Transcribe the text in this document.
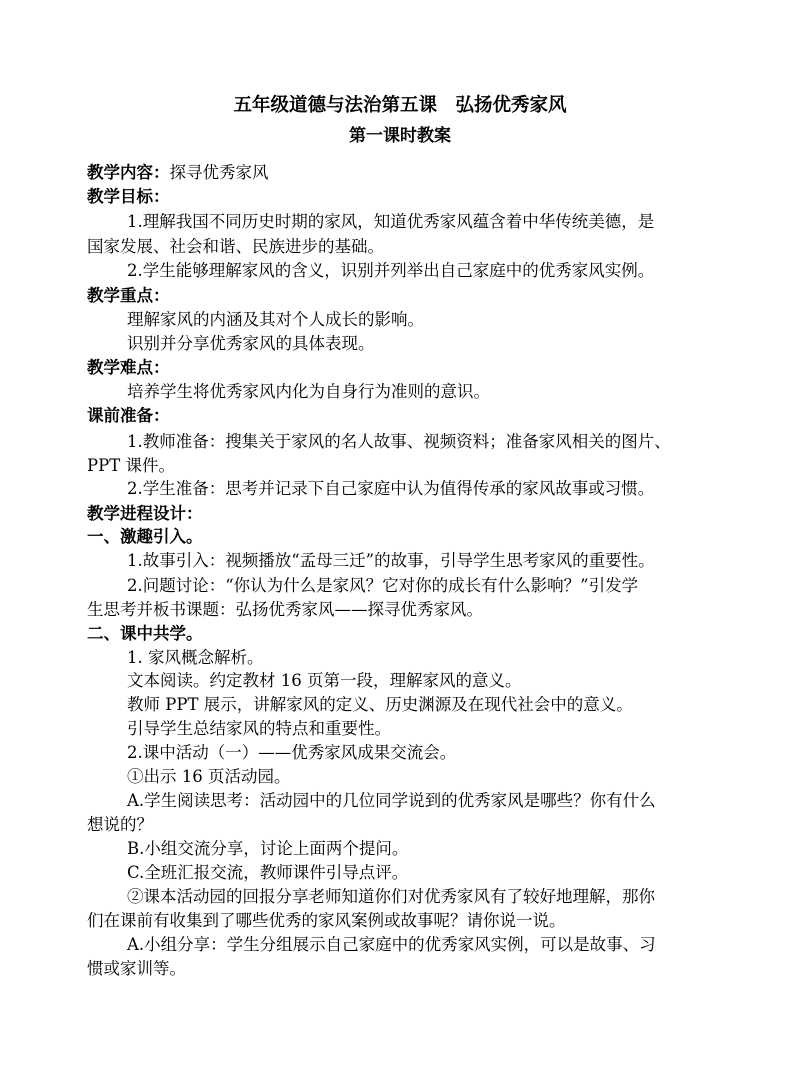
五年级道德与法治第五课　弘扬优秀家风
第一课时教案
教学内容：探寻优秀家风
教学目标：
1.理解我国不同历史时期的家风，知道优秀家风蕴含着中华传统美德，是
国家发展、社会和谐、民族进步的基础。
2.学生能够理解家风的含义，识别并列举出自己家庭中的优秀家风实例。
教学重点：
理解家风的内涵及其对个人成长的影响。
识别并分享优秀家风的具体表现。
教学难点：
培养学生将优秀家风内化为自身行为准则的意识。
课前准备：
1.教师准备：搜集关于家风的名人故事、视频资料；准备家风相关的图片、
PPT 课件。
2.学生准备：思考并记录下自己家庭中认为值得传承的家风故事或习惯。
教学进程设计：
一、激趣引入。
1.故事引入：视频播放“孟母三迁”的故事，引导学生思考家风的重要性。
2.问题讨论：“你认为什么是家风？它对你的成长有什么影响？”引发学
生思考并板书课题：弘扬优秀家风——探寻优秀家风。
二、课中共学。
1. 家风概念解析。
文本阅读。约定教材 16 页第一段，理解家风的意义。
教师 PPT 展示，讲解家风的定义、历史渊源及在现代社会中的意义。
引导学生总结家风的特点和重要性。
2.课中活动（一）——优秀家风成果交流会。
①出示 16 页活动园。
A.学生阅读思考：活动园中的几位同学说到的优秀家风是哪些？你有什么
想说的？
B.小组交流分享，讨论上面两个提问。
C.全班汇报交流，教师课件引导点评。
②课本活动园的回报分享老师知道你们对优秀家风有了较好地理解，那你
们在课前有收集到了哪些优秀的家风案例或故事呢？请你说一说。
A.小组分享：学生分组展示自己家庭中的优秀家风实例，可以是故事、习
惯或家训等。
